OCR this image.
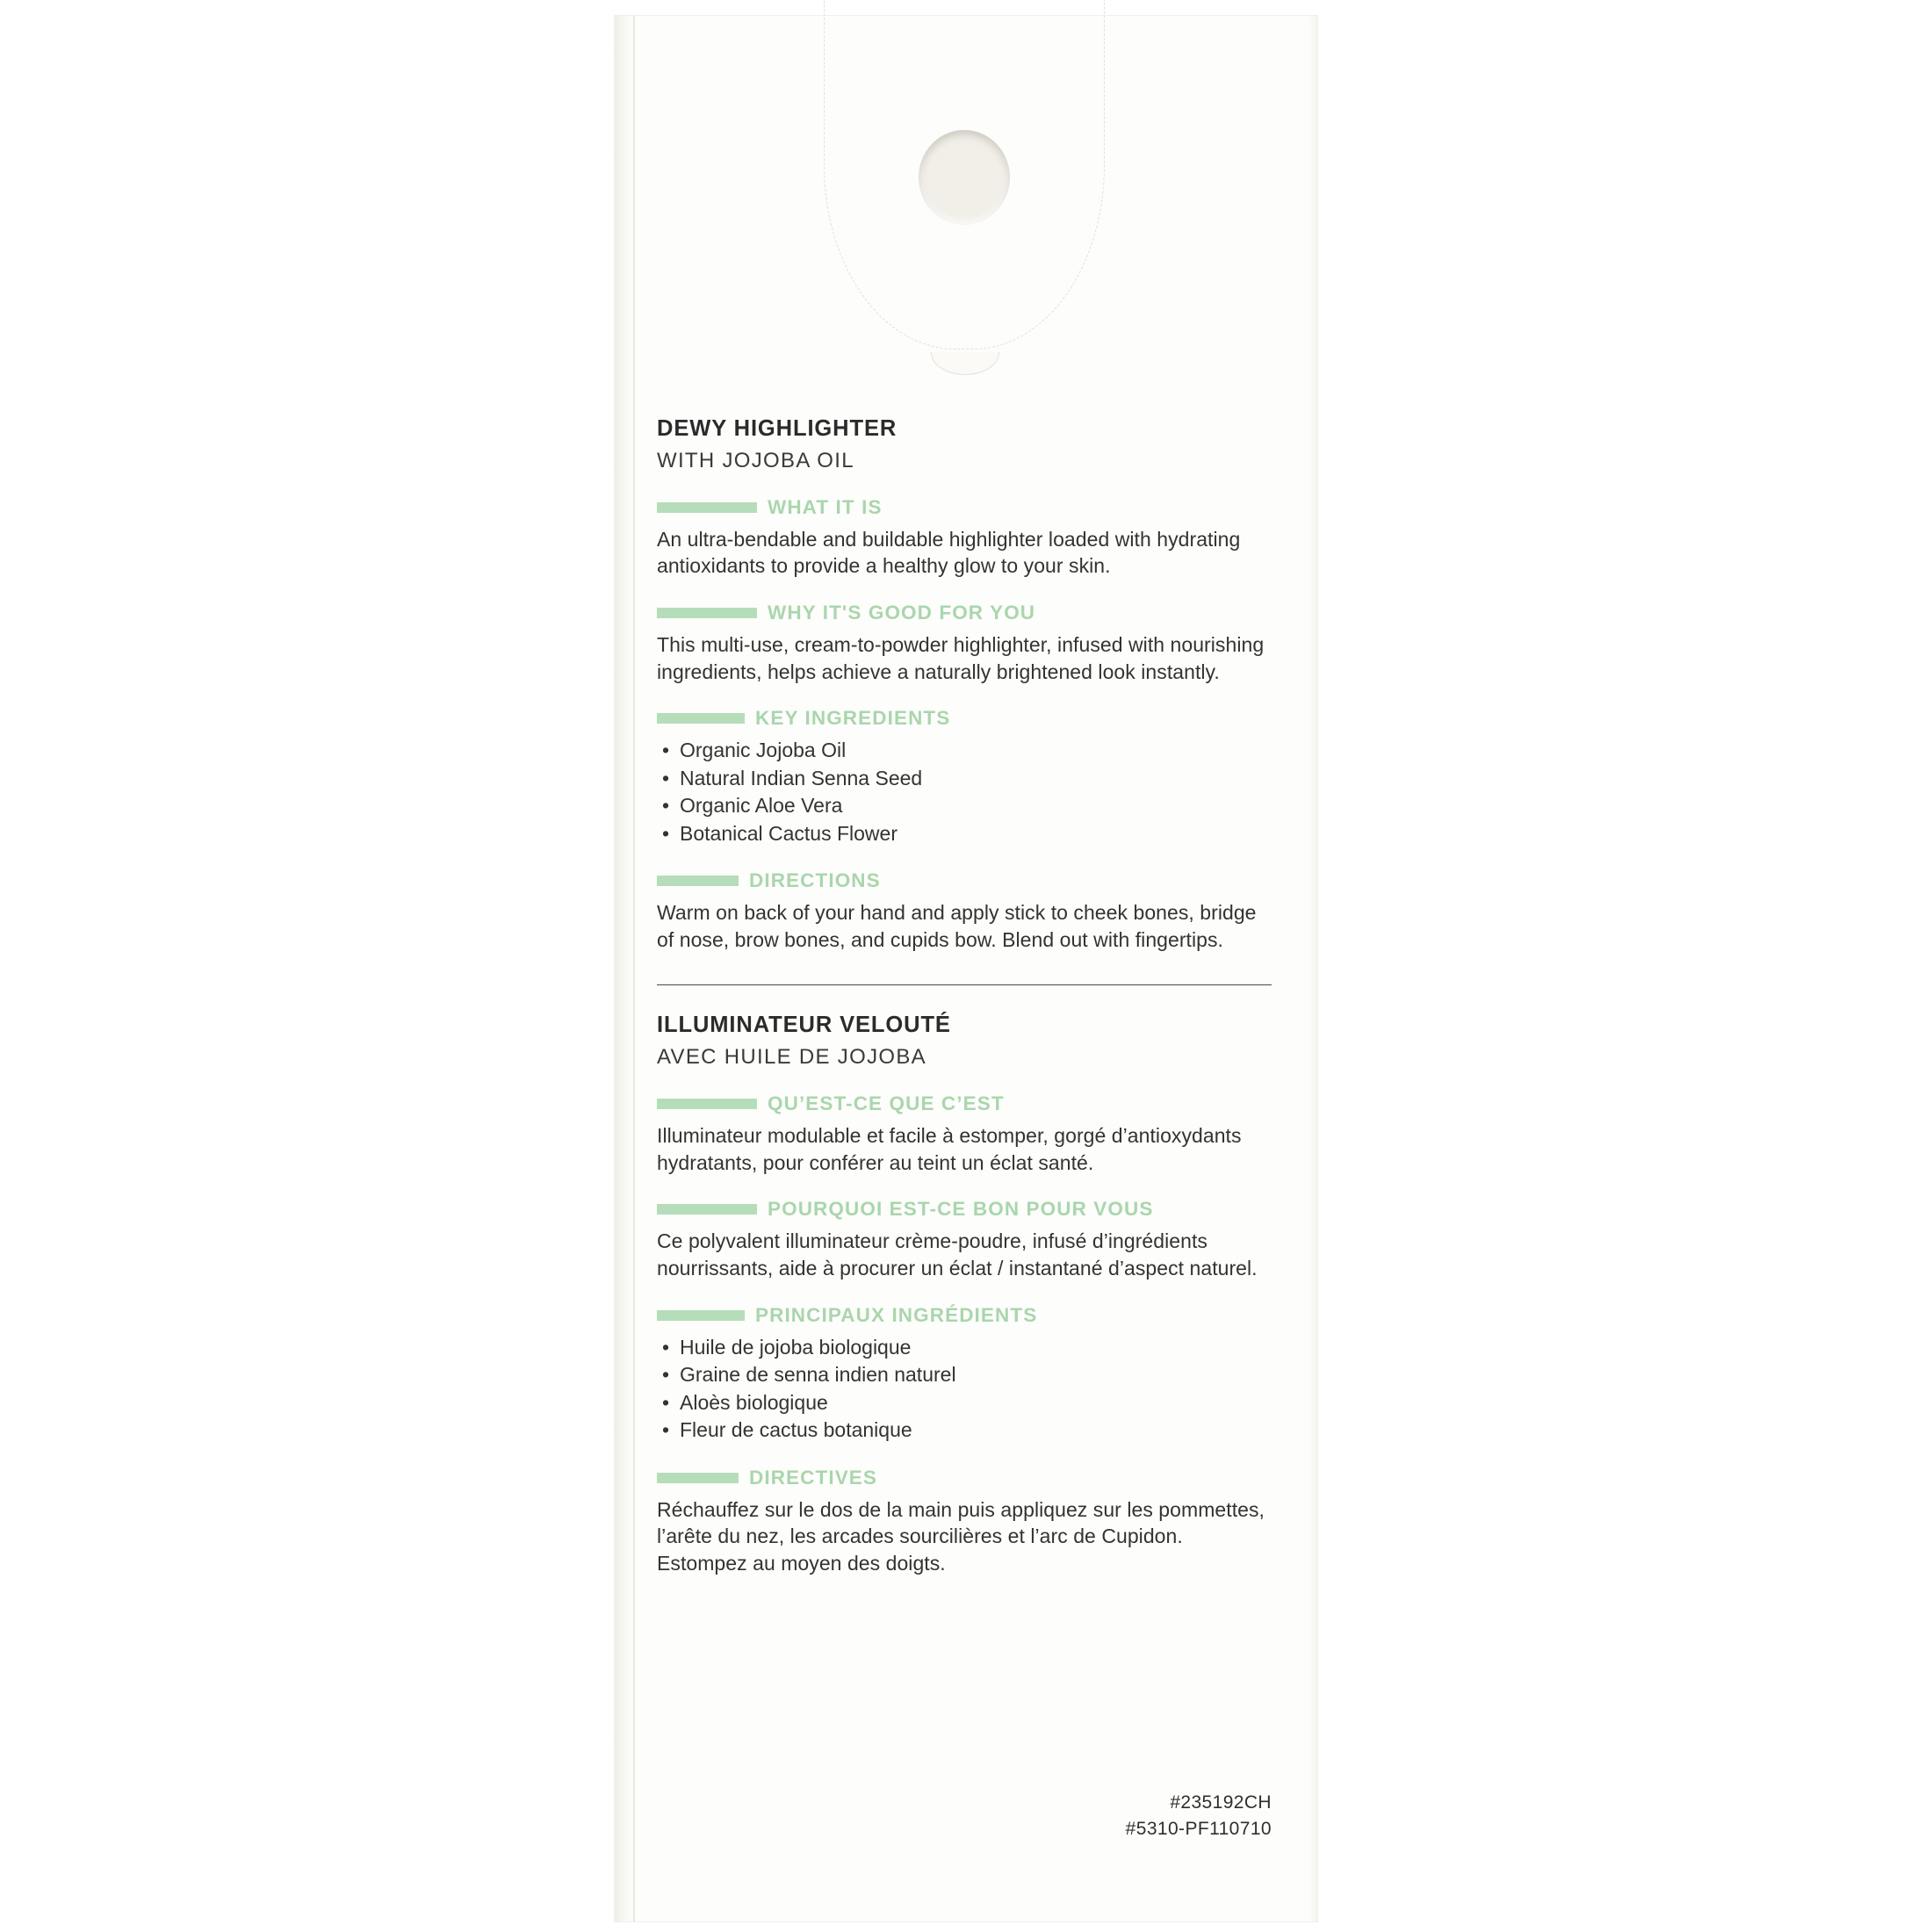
DEWY HIGHLIGHTER
WITH JOJOBA OIL
WHAT IT IS
An ultra-bendable and buildable highlighter loaded with hydrating antioxidants to provide a healthy glow to your skin.
WHY IT'S GOOD FOR YOU
This multi-use, cream-to-powder highlighter, infused with nourishing ingredients, helps achieve a naturally brightened look instantly.
KEY INGREDIENTS
• Organic Jojoba Oil
• Natural Indian Senna Seed
• Organic Aloe Vera
• Botanical Cactus Flower
DIRECTIONS
Warm on back of your hand and apply stick to cheek bones, bridge of nose, brow bones, and cupids bow. Blend out with fingertips.
ILLUMINATEUR VELOUTÉ
AVEC HUILE DE JOJOBA
QU’EST-CE QUE C’EST
Illuminateur modulable et facile à estomper, gorgé d’antioxydants hydratants, pour conférer au teint un éclat santé.
POURQUOI EST-CE BON POUR VOUS
Ce polyvalent illuminateur crème-poudre, infusé d’ingrédients nourrissants, aide à procurer un éclat / instantané d’aspect naturel.
PRINCIPAUX INGRÉDIENTS
• Huile de jojoba biologique
• Graine de senna indien naturel
• Aloès biologique
• Fleur de cactus botanique
DIRECTIVES
Réchauffez sur le dos de la main puis appliquez sur les pommettes, l’arête du nez, les arcades sourcilières et l’arc de Cupidon. Estompez au moyen des doigts.
#235192CH
#5310-PF110710
